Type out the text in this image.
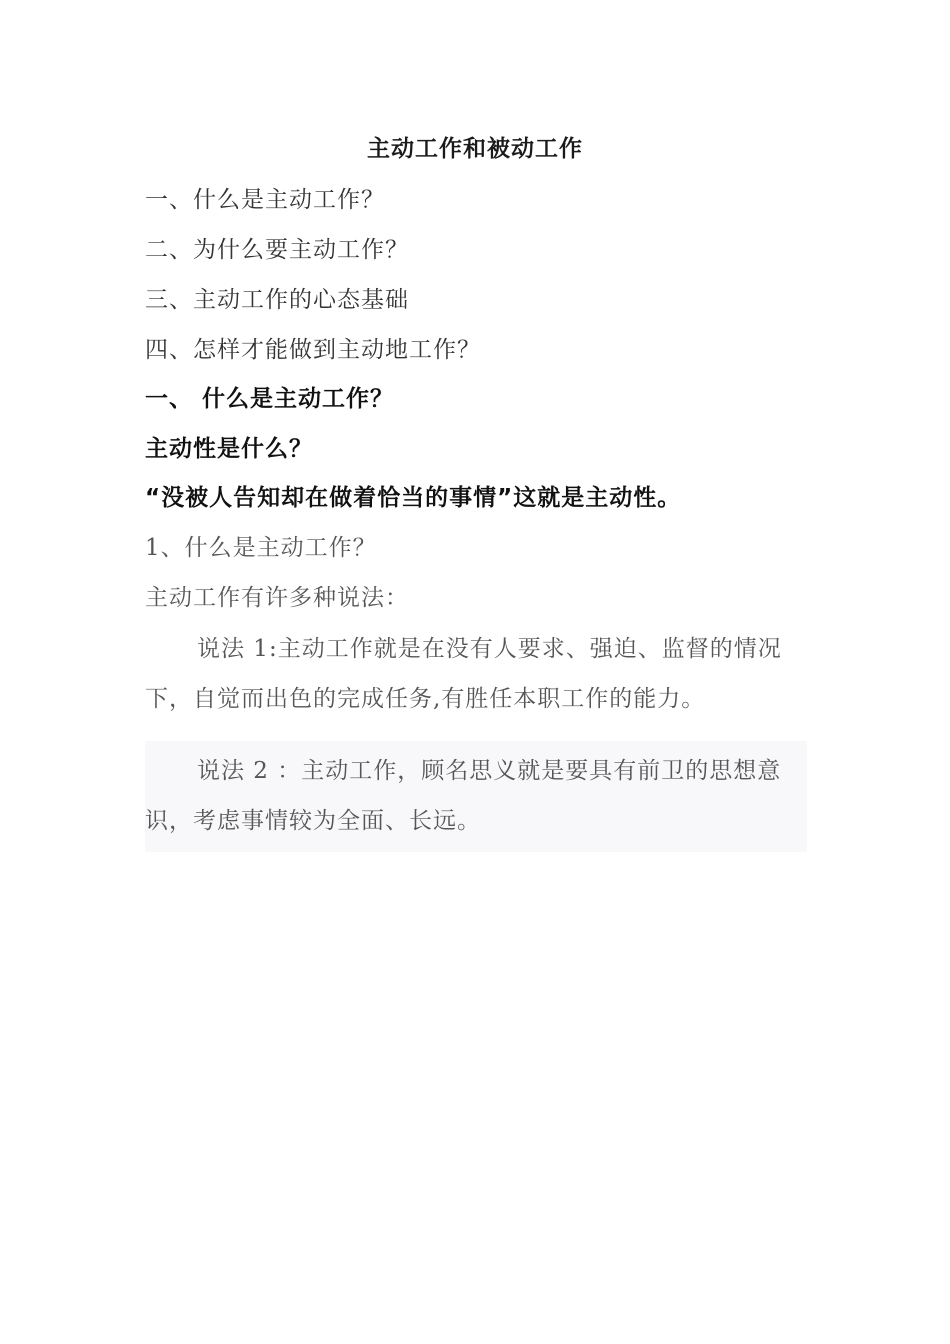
主动工作和被动工作
一、什么是主动工作？
二、为什么要主动工作？
三、主动工作的心态基础
四、怎样才能做到主动地工作？
一、 什么是主动工作？
主动性是什么？
“没被人告知却在做着恰当的事情”这就是主动性。
1、什么是主动工作？
主动工作有许多种说法：
说法 1:主动工作就是在没有人要求、强迫、监督的情况下，自觉而出色的完成任务,有胜任本职工作的能力。
说法 2 ：主动工作，顾名思义就是要具有前卫的思想意识，考虑事情较为全面、长远。
